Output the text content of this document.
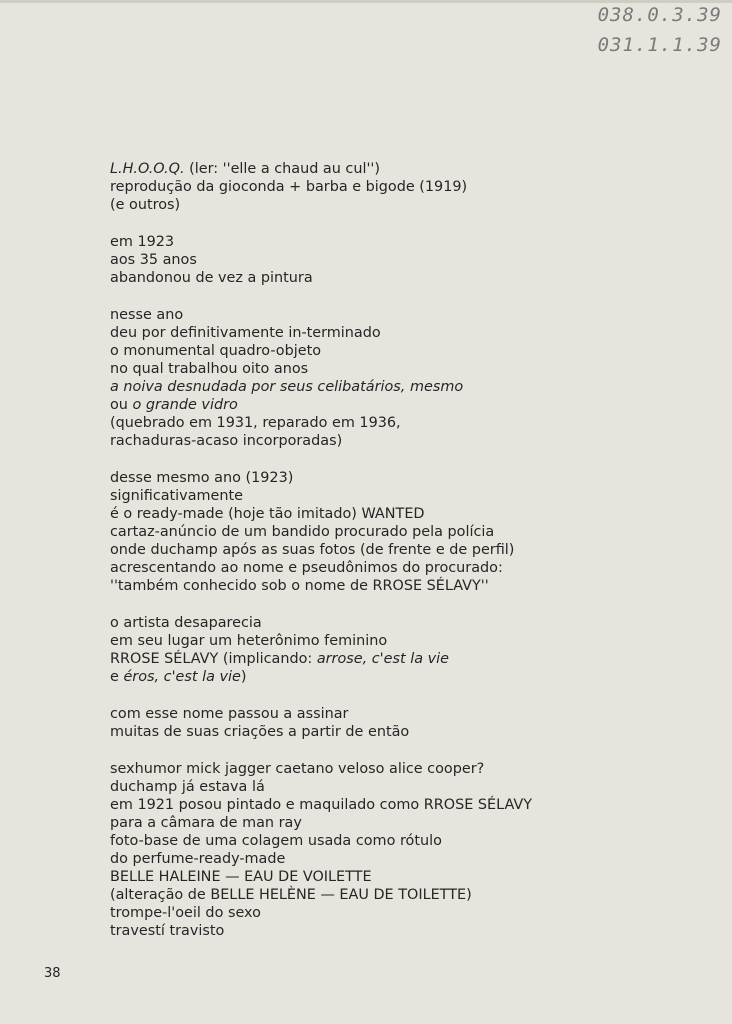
038.0.3.39
031.1.1.39
L.H.O.O.Q. (ler: ''elle a chaud au cul'')
reprodução da gioconda + barba e bigode (1919)
(e outros)
em 1923
aos 35 anos
abandonou de vez a pintura
nesse ano
deu por definitivamente in-terminado
o monumental quadro-objeto
no qual trabalhou oito anos
a noiva desnudada por seus celibatários, mesmo
ou o grande vidro
(quebrado em 1931, reparado em 1936,
rachaduras-acaso incorporadas)
desse mesmo ano (1923)
significativamente
é o ready-made (hoje tão imitado) WANTED
cartaz-anúncio de um bandido procurado pela polícia
onde duchamp após as suas fotos (de frente e de perfil)
acrescentando ao nome e pseudônimos do procurado:
''também conhecido sob o nome de RROSE SÉLAVY''
o artista desaparecia
em seu lugar um heterônimo feminino
RROSE SÉLAVY (implicando: arrose, c'est la vie
e éros, c'est la vie)
com esse nome passou a assinar
muitas de suas criações a partir de então
sexhumor mick jagger caetano veloso alice cooper?
duchamp já estava lá
em 1921 posou pintado e maquilado como RROSE SÉLAVY
para a câmara de man ray
foto-base de uma colagem usada como rótulo
do perfume-ready-made
BELLE HALEINE — EAU DE VOILETTE
(alteração de BELLE HELÈNE — EAU DE TOILETTE)
trompe-l'oeil do sexo
travestí travisto
38
